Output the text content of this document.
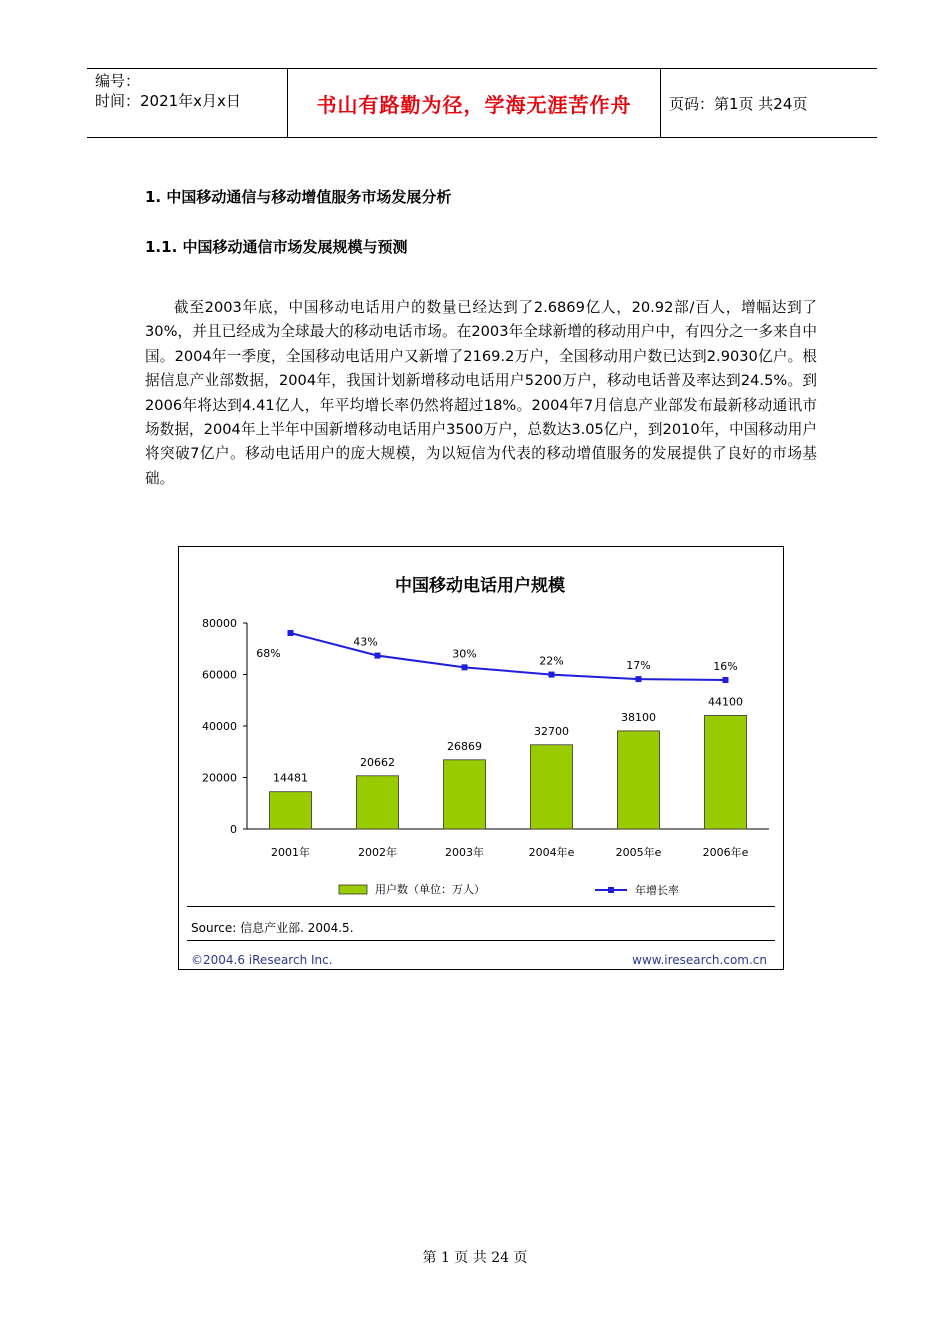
编号：
时间：2021年x月x日	书山有路勤为径，学海无涯苦作舟	页码：第1页 共24页
1. 中国移动通信与移动增值服务市场发展分析
1.1. 中国移动通信市场发展规模与预测
截至2003年底，中国移动电话用户的数量已经达到了2.6869亿人，20.92部/百人，增幅达到了30%，并且已经成为全球最大的移动电话市场。在2003年全球新增的移动用户中，有四分之一多来自中国。2004年一季度，全国移动电话用户又新增了2169.2万户，全国移动用户数已达到2.9030亿户。根据信息产业部数据，2004年，我国计划新增移动电话用户5200万户，移动电话普及率达到24.5%。到2006年将达到4.41亿人，年平均增长率仍然将超过18%。2004年7月信息产业部发布最新移动通讯市场数据，2004年上半年中国新增移动电话用户3500万户，总数达3.05亿户，到2010年，中国移动用户将突破7亿户。移动电话用户的庞大规模，为以短信为代表的移动增值服务的发展提供了良好的市场基础。
中国移动电话用户规模
0
20000
40000
60000
80000
14481
2001年
20662
2002年
26869
2003年
32700
2004年e
38100
2005年e
44100
2006年e
68%
43%
30%
22%	17%	16%
用户数（单位：万人）	年增长率
Source: 信息产业部. 2004.5.
©2004.6 iResearch Inc.	www.iresearch.com.cn
第 1 页 共 24 页
